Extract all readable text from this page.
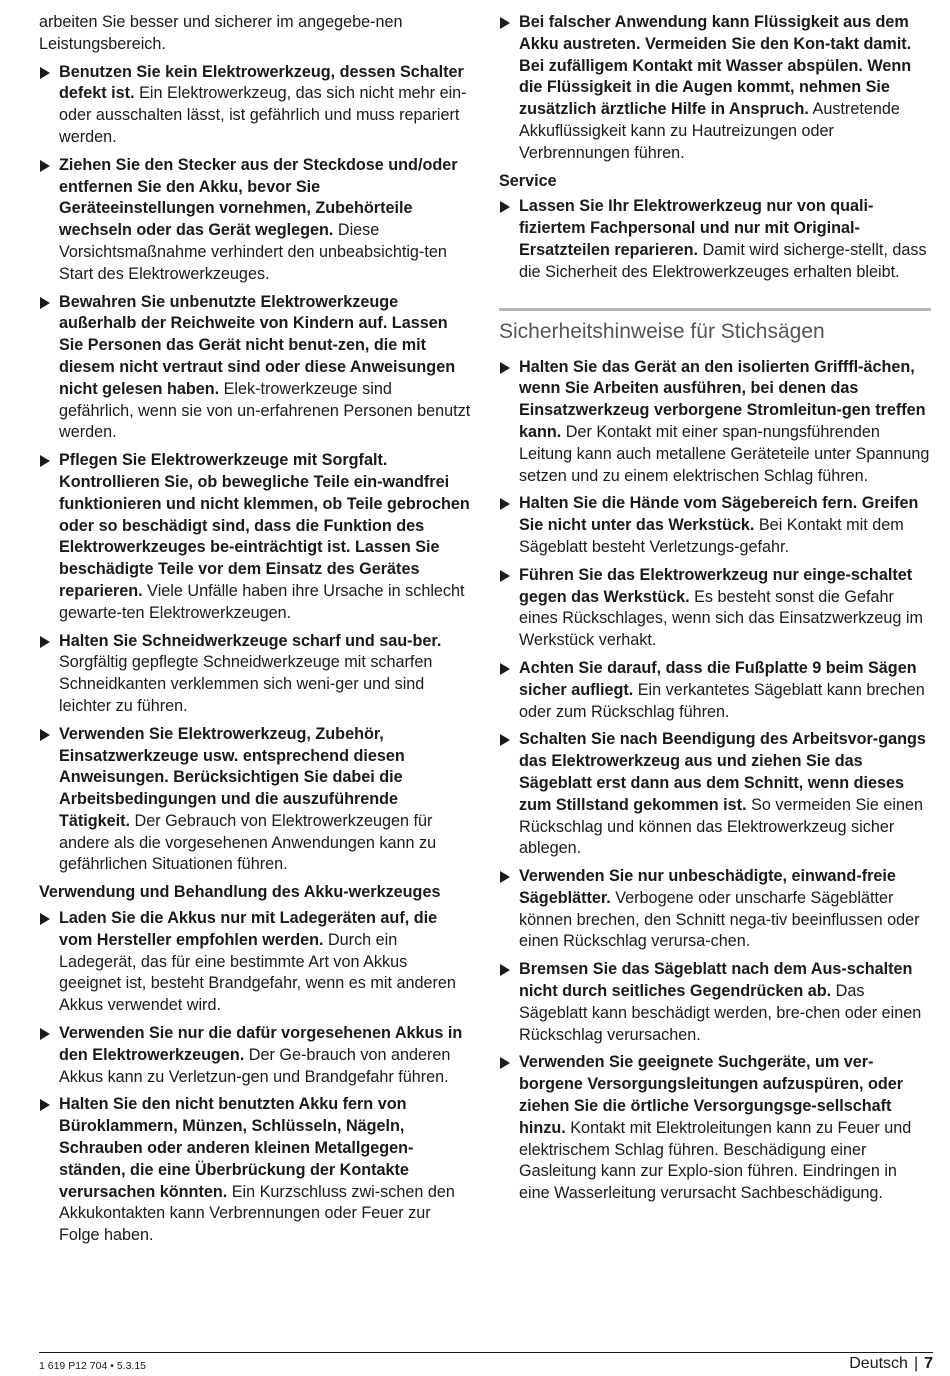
arbeiten Sie besser und sicherer im angegebe-nen Leistungsbereich.

Benutzen Sie kein Elektrowerkzeug, dessen Schalter defekt ist. Ein Elektrowerkzeug, das sich nicht mehr ein- oder ausschalten lässt, ist gefährlich und muss repariert werden.
Ziehen Sie den Stecker aus der Steckdose und/oder entfernen Sie den Akku, bevor Sie Geräteeinstellungen vornehmen, Zubehörteile wechseln oder das Gerät weglegen. Diese Vorsichtsmaßnahme verhindert den unbeabsichtig-ten Start des Elektrowerkzeuges.
Bewahren Sie unbenutzte Elektrowerkzeuge außerhalb der Reichweite von Kindern auf. Lassen Sie Personen das Gerät nicht benut-zen, die mit diesem nicht vertraut sind oder diese Anweisungen nicht gelesen haben. Elek-trowerkzeuge sind gefährlich, wenn sie von un-erfahrenen Personen benutzt werden.
Pflegen Sie Elektrowerkzeuge mit Sorgfalt. Kontrollieren Sie, ob bewegliche Teile ein-wandfrei funktionieren und nicht klemmen, ob Teile gebrochen oder so beschädigt sind, dass die Funktion des Elektrowerkzeuges be-einträchtigt ist. Lassen Sie beschädigte Teile vor dem Einsatz des Gerätes reparieren. Viele Unfälle haben ihre Ursache in schlecht gewarte-ten Elektrowerkzeugen.
Halten Sie Schneidwerkzeuge scharf und sau-ber. Sorgfältig gepflegte Schneidwerkzeuge mit scharfen Schneidkanten verklemmen sich weni-ger und sind leichter zu führen.
Verwenden Sie Elektrowerkzeug, Zubehör, Einsatzwerkzeuge usw. entsprechend diesen Anweisungen. Berücksichtigen Sie dabei die Arbeitsbedingungen und die auszuführende Tätigkeit. Der Gebrauch von Elektrowerkzeugen für andere als die vorgesehenen Anwendungen kann zu gefährlichen Situationen führen.
Verwendung und Behandlung des Akku-werkzeuges
Laden Sie die Akkus nur mit Ladegeräten auf, die vom Hersteller empfohlen werden. Durch ein Ladegerät, das für eine bestimmte Art von Akkus geeignet ist, besteht Brandgefahr, wenn es mit anderen Akkus verwendet wird.
Verwenden Sie nur die dafür vorgesehenen Akkus in den Elektrowerkzeugen. Der Ge-brauch von anderen Akkus kann zu Verletzun-gen und Brandgefahr führen.
Halten Sie den nicht benutzten Akku fern von Büroklammern, Münzen, Schlüsseln, Nägeln, Schrauben oder anderen kleinen Metallgegen-ständen, die eine Überbrückung der Kontakte verursachen könnten. Ein Kurzschluss zwi-schen den Akkukontakten kann Verbrennungen oder Feuer zur Folge haben.
Bei falscher Anwendung kann Flüssigkeit aus dem Akku austreten. Vermeiden Sie den Kon-takt damit. Bei zufälligem Kontakt mit Wasser abspülen. Wenn die Flüssigkeit in die Augen kommt, nehmen Sie zusätzlich ärztliche Hilfe in Anspruch. Austretende Akkuflüssigkeit kann zu Hautreizungen oder Verbrennungen führen.
Service
Lassen Sie Ihr Elektrowerkzeug nur von quali-fiziertem Fachpersonal und nur mit Original-Ersatzteilen reparieren. Damit wird sicherge-stellt, dass die Sicherheit des Elektrowerkzeuges erhalten bleibt.
Sicherheitshinweise für Stichsägen
Halten Sie das Gerät an den isolierten Grifffl-ächen, wenn Sie Arbeiten ausführen, bei denen das Einsatzwerkzeug verborgene Stromleitun-gen treffen kann. Der Kontakt mit einer span-nungsführenden Leitung kann auch metallene Geräteteile unter Spannung setzen und zu einem elektrischen Schlag führen.
Halten Sie die Hände vom Sägebereich fern. Greifen Sie nicht unter das Werkstück. Bei Kontakt mit dem Sägeblatt besteht Verletzungs-gefahr.
Führen Sie das Elektrowerkzeug nur einge-schaltet gegen das Werkstück. Es besteht sonst die Gefahr eines Rückschlages, wenn sich das Einsatzwerkzeug im Werkstück verhakt.
Achten Sie darauf, dass die Fußplatte 9 beim Sägen sicher aufliegt. Ein verkantetes Sägeblatt kann brechen oder zum Rückschlag führen.
Schalten Sie nach Beendigung des Arbeitsvor-gangs das Elektrowerkzeug aus und ziehen Sie das Sägeblatt erst dann aus dem Schnitt, wenn dieses zum Stillstand gekommen ist. So vermeiden Sie einen Rückschlag und können das Elektrowerkzeug sicher ablegen.
Verwenden Sie nur unbeschädigte, einwand-freie Sägeblätter. Verbogene oder unscharfe Sägeblätter können brechen, den Schnitt nega-tiv beeinflussen oder einen Rückschlag verursa-chen.
Bremsen Sie das Sägeblatt nach dem Aus-schalten nicht durch seitliches Gegendrücken ab. Das Sägeblatt kann beschädigt werden, bre-chen oder einen Rückschlag verursachen.
Verwenden Sie geeignete Suchgeräte, um ver-borgene Versorgungsleitungen aufzuspüren, oder ziehen Sie die örtliche Versorgungsge-sellschaft hinzu. Kontakt mit Elektroleitungen kann zu Feuer und elektrischem Schlag führen. Beschädigung einer Gasleitung kann zur Explo-sion führen. Eindringen in eine Wasserleitung verursacht Sachbeschädigung.
1 619 P12 704 • 5.3.15	Deutsch | 7
